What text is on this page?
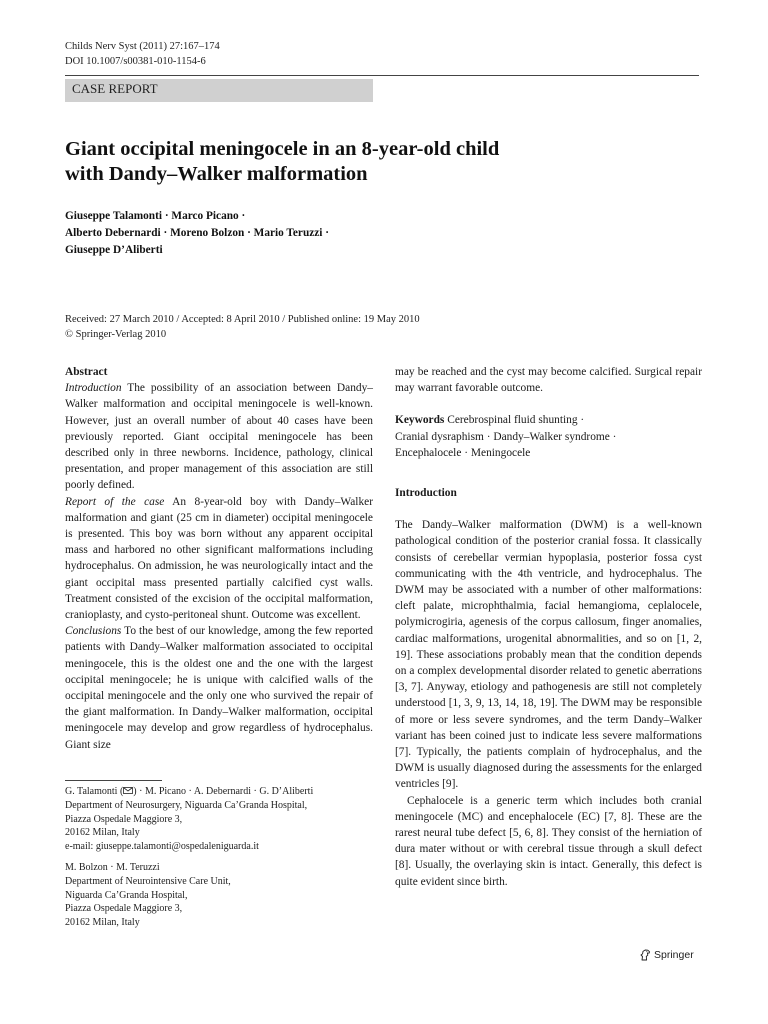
Childs Nerv Syst (2011) 27:167–174
DOI 10.1007/s00381-010-1154-6
CASE REPORT
Giant occipital meningocele in an 8-year-old child
with Dandy–Walker malformation
Giuseppe Talamonti · Marco Picano ·
Alberto Debernardi · Moreno Bolzon · Mario Teruzzi ·
Giuseppe D’Aliberti
Received: 27 March 2010 / Accepted: 8 April 2010 / Published online: 19 May 2010
© Springer-Verlag 2010
Abstract

Introduction The possibility of an association between Dandy–Walker malformation and occipital meningocele is well-known. However, just an overall number of about 40 cases have been previously reported. Giant occipital meningocele has been described only in three newborns. Incidence, pathology, clinical presentation, and proper management of this association are still poorly defined.

Report of the case An 8-year-old boy with Dandy–Walker malformation and giant (25 cm in diameter) occipital meningocele is presented. This boy was born without any apparent occipital mass and harbored no other significant malformations including hydrocephalus. On admission, he was neurologically intact and the giant occipital mass presented partially calcified cyst walls. Treatment consisted of the excision of the occipital malformation, cranioplasty, and cysto-peritoneal shunt. Outcome was excellent.

Conclusions To the best of our knowledge, among the few reported patients with Dandy–Walker malformation associated to occipital meningocele, this is the oldest one and the one with the largest occipital meningocele; he is unique with calcified walls of the occipital meningocele and the only one who survived the repair of the giant malformation. In Dandy–Walker malformation, occipital meningocele may develop and grow regardless of hydrocephalus. Giant size

G. Talamonti ( ) · M. Picano · A. Debernardi · G. D’Aliberti
Department of Neurosurgery, Niguarda Ca’Granda Hospital,
Piazza Ospedale Maggiore 3,
20162 Milan, Italy
e-mail: giuseppe.talamonti@ospedaleniguarda.it
M. Bolzon · M. Teruzzi
Department of Neurointensive Care Unit,
Niguarda Ca’Granda Hospital,
Piazza Ospedale Maggiore 3,
20162 Milan, Italy

may be reached and the cyst may become calcified. Surgical repair may warrant favorable outcome.

Keywords Cerebrospinal fluid shunting ·
Cranial dysraphism · Dandy–Walker syndrome ·
Encephalocele · Meningocele
Introduction

The Dandy–Walker malformation (DWM) is a well-known pathological condition of the posterior cranial fossa. It classically consists of cerebellar vermian hypoplasia, posterior fossa cyst communicating with the 4th ventricle, and hydrocephalus. The DWM may be associated with a number of other malformations: cleft palate, microphthalmia, facial hemangioma, ceplalocele, polymicrogiria, agenesis of the corpus callosum, finger anomalies, cardiac malformations, urogenital abnormalities, and so on [1, 2, 19]. These associations probably mean that the condition depends on a complex developmental disorder related to genetic aberrations [3, 7]. Anyway, etiology and pathogenesis are still not completely understood [1, 3, 9, 13, 14, 18, 19]. The DWM may be responsible of more or less severe syndromes, and the term Dandy–Walker variant has been coined just to indicate less severe malformations [7]. Typically, the patients complain of hydrocephalus, and the DWM is usually diagnosed during the assessments for the enlarged ventricles [9].

Cephalocele is a generic term which includes both cranial meningocele (MC) and encephalocele (EC) [7, 8]. These are the rarest neural tube defect [5, 6, 8]. They consist of the herniation of dura mater without or with cerebral tissue through a skull defect [8]. Usually, the overlaying skin is intact. Generally, this defect is quite evident since birth.

Springer
